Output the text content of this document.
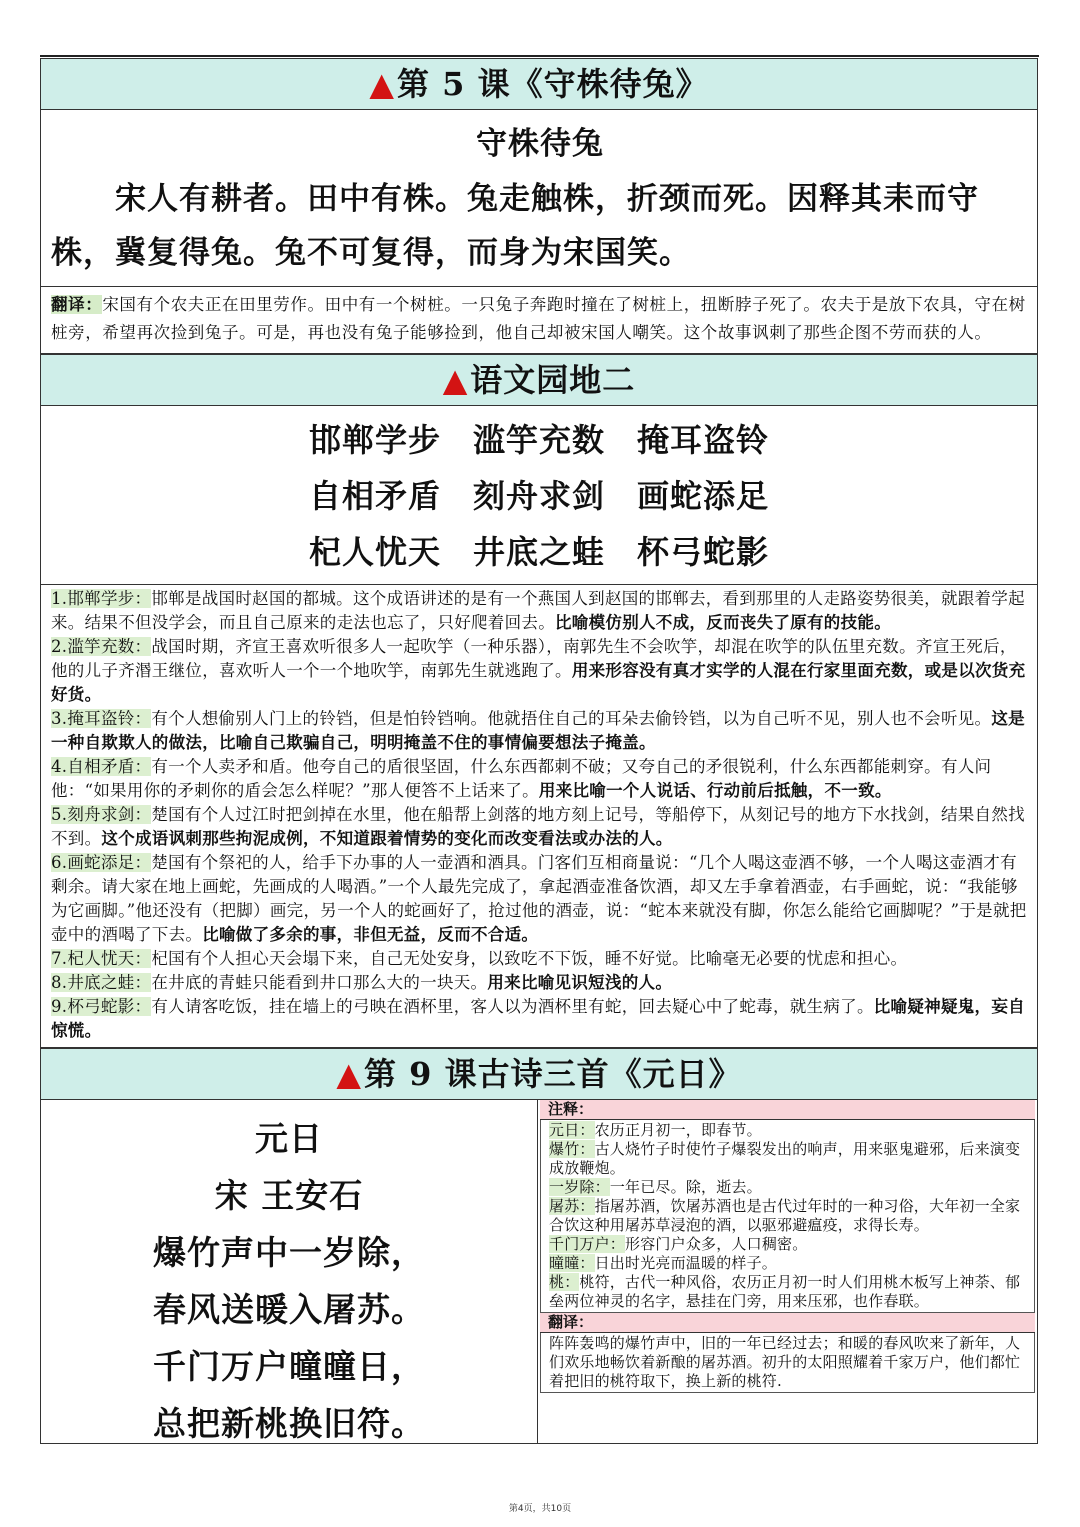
▲第 5 课《守株待兔》
守株待兔
宋人有耕者。田中有株。兔走触株，折颈而死。因释其耒而守株，冀复得兔。兔不可复得，而身为宋国笑。
翻译：宋国有个农夫正在田里劳作。田中有一个树桩。一只兔子奔跑时撞在了树桩上，扭断脖子死了。农夫于是放下农具，守在树桩旁，希望再次捡到兔子。可是，再也没有兔子能够捡到，他自己却被宋国人嘲笑。这个故事讽刺了那些企图不劳而获的人。
▲语文园地二
邯郸学步 滥竽充数 掩耳盗铃
自相矛盾 刻舟求剑 画蛇添足
杞人忧天 井底之蛙 杯弓蛇影

1.邯郸学步：邯郸是战国时赵国的都城。这个成语讲述的是有一个燕国人到赵国的邯郸去，看到那里的人走路姿势很美，就跟着学起来。结果不但没学会，而且自己原来的走法也忘了，只好爬着回去。比喻模仿别人不成，反而丧失了原有的技能。

2.滥竽充数：战国时期，齐宣王喜欢听很多人一起吹竽（一种乐器），南郭先生不会吹竽，却混在吹竽的队伍里充数。齐宣王死后，他的儿子齐湣王继位，喜欢听人一个一个地吹竽，南郭先生就逃跑了。用来形容没有真才实学的人混在行家里面充数，或是以次货充好货。

3.掩耳盗铃：有个人想偷别人门上的铃铛，但是怕铃铛响。他就捂住自己的耳朵去偷铃铛，以为自己听不见，别人也不会听见。这是一种自欺欺人的做法，比喻自己欺骗自己，明明掩盖不住的事情偏要想法子掩盖。

4.自相矛盾：有一个人卖矛和盾。他夸自己的盾很坚固，什么东西都刺不破；又夸自己的矛很锐利，什么东西都能刺穿。有人问他：“如果用你的矛刺你的盾会怎么样呢？”那人便答不上话来了。用来比喻一个人说话、行动前后抵触，不一致。

5.刻舟求剑：楚国有个人过江时把剑掉在水里，他在船帮上剑落的地方刻上记号，等船停下，从刻记号的地方下水找剑，结果自然找不到。这个成语讽刺那些拘泥成例，不知道跟着情势的变化而改变看法或办法的人。

6.画蛇添足：楚国有个祭祀的人，给手下办事的人一壶酒和酒具。门客们互相商量说：“几个人喝这壶酒不够，一个人喝这壶酒才有剩余。请大家在地上画蛇，先画成的人喝酒。”一个人最先完成了，拿起酒壶准备饮酒，却又左手拿着酒壶，右手画蛇，说：“我能够为它画脚。”他还没有（把脚）画完，另一个人的蛇画好了，抢过他的酒壶，说：“蛇本来就没有脚，你怎么能给它画脚呢？”于是就把壶中的酒喝了下去。比喻做了多余的事，非但无益，反而不合适。

7.杞人忧天：杞国有个人担心天会塌下来，自己无处安身，以致吃不下饭，睡不好觉。比喻毫无必要的忧虑和担心。

8.井底之蛙：在井底的青蛙只能看到井口那么大的一块天。用来比喻见识短浅的人。

9.杯弓蛇影：有人请客吃饭，挂在墙上的弓映在酒杯里，客人以为酒杯里有蛇，回去疑心中了蛇毒，就生病了。比喻疑神疑鬼，妄自惊慌。

▲第 9 课古诗三首《元日》
元日
宋 王安石
爆竹声中一岁除，
春风送暖入屠苏。
千门万户曈曈日，
总把新桃换旧符。
注释：

元日：农历正月初一，即春节。

爆竹：古人烧竹子时使竹子爆裂发出的响声，用来驱鬼避邪，后来演变成放鞭炮。

一岁除：一年已尽。除，逝去。

屠苏：指屠苏酒，饮屠苏酒也是古代过年时的一种习俗，大年初一全家合饮这种用屠苏草浸泡的酒，以驱邪避瘟疫，求得长寿。

千门万户：形容门户众多，人口稠密。

曈曈：日出时光亮而温暖的样子。

桃：桃符，古代一种风俗，农历正月初一时人们用桃木板写上神荼、郁垒两位神灵的名字，悬挂在门旁，用来压邪，也作春联。

翻译：
阵阵轰鸣的爆竹声中，旧的一年已经过去；和暖的春风吹来了新年，人们欢乐地畅饮着新酿的屠苏酒。初升的太阳照耀着千家万户，他们都忙着把旧的桃符取下，换上新的桃符.
第4页，共10页
